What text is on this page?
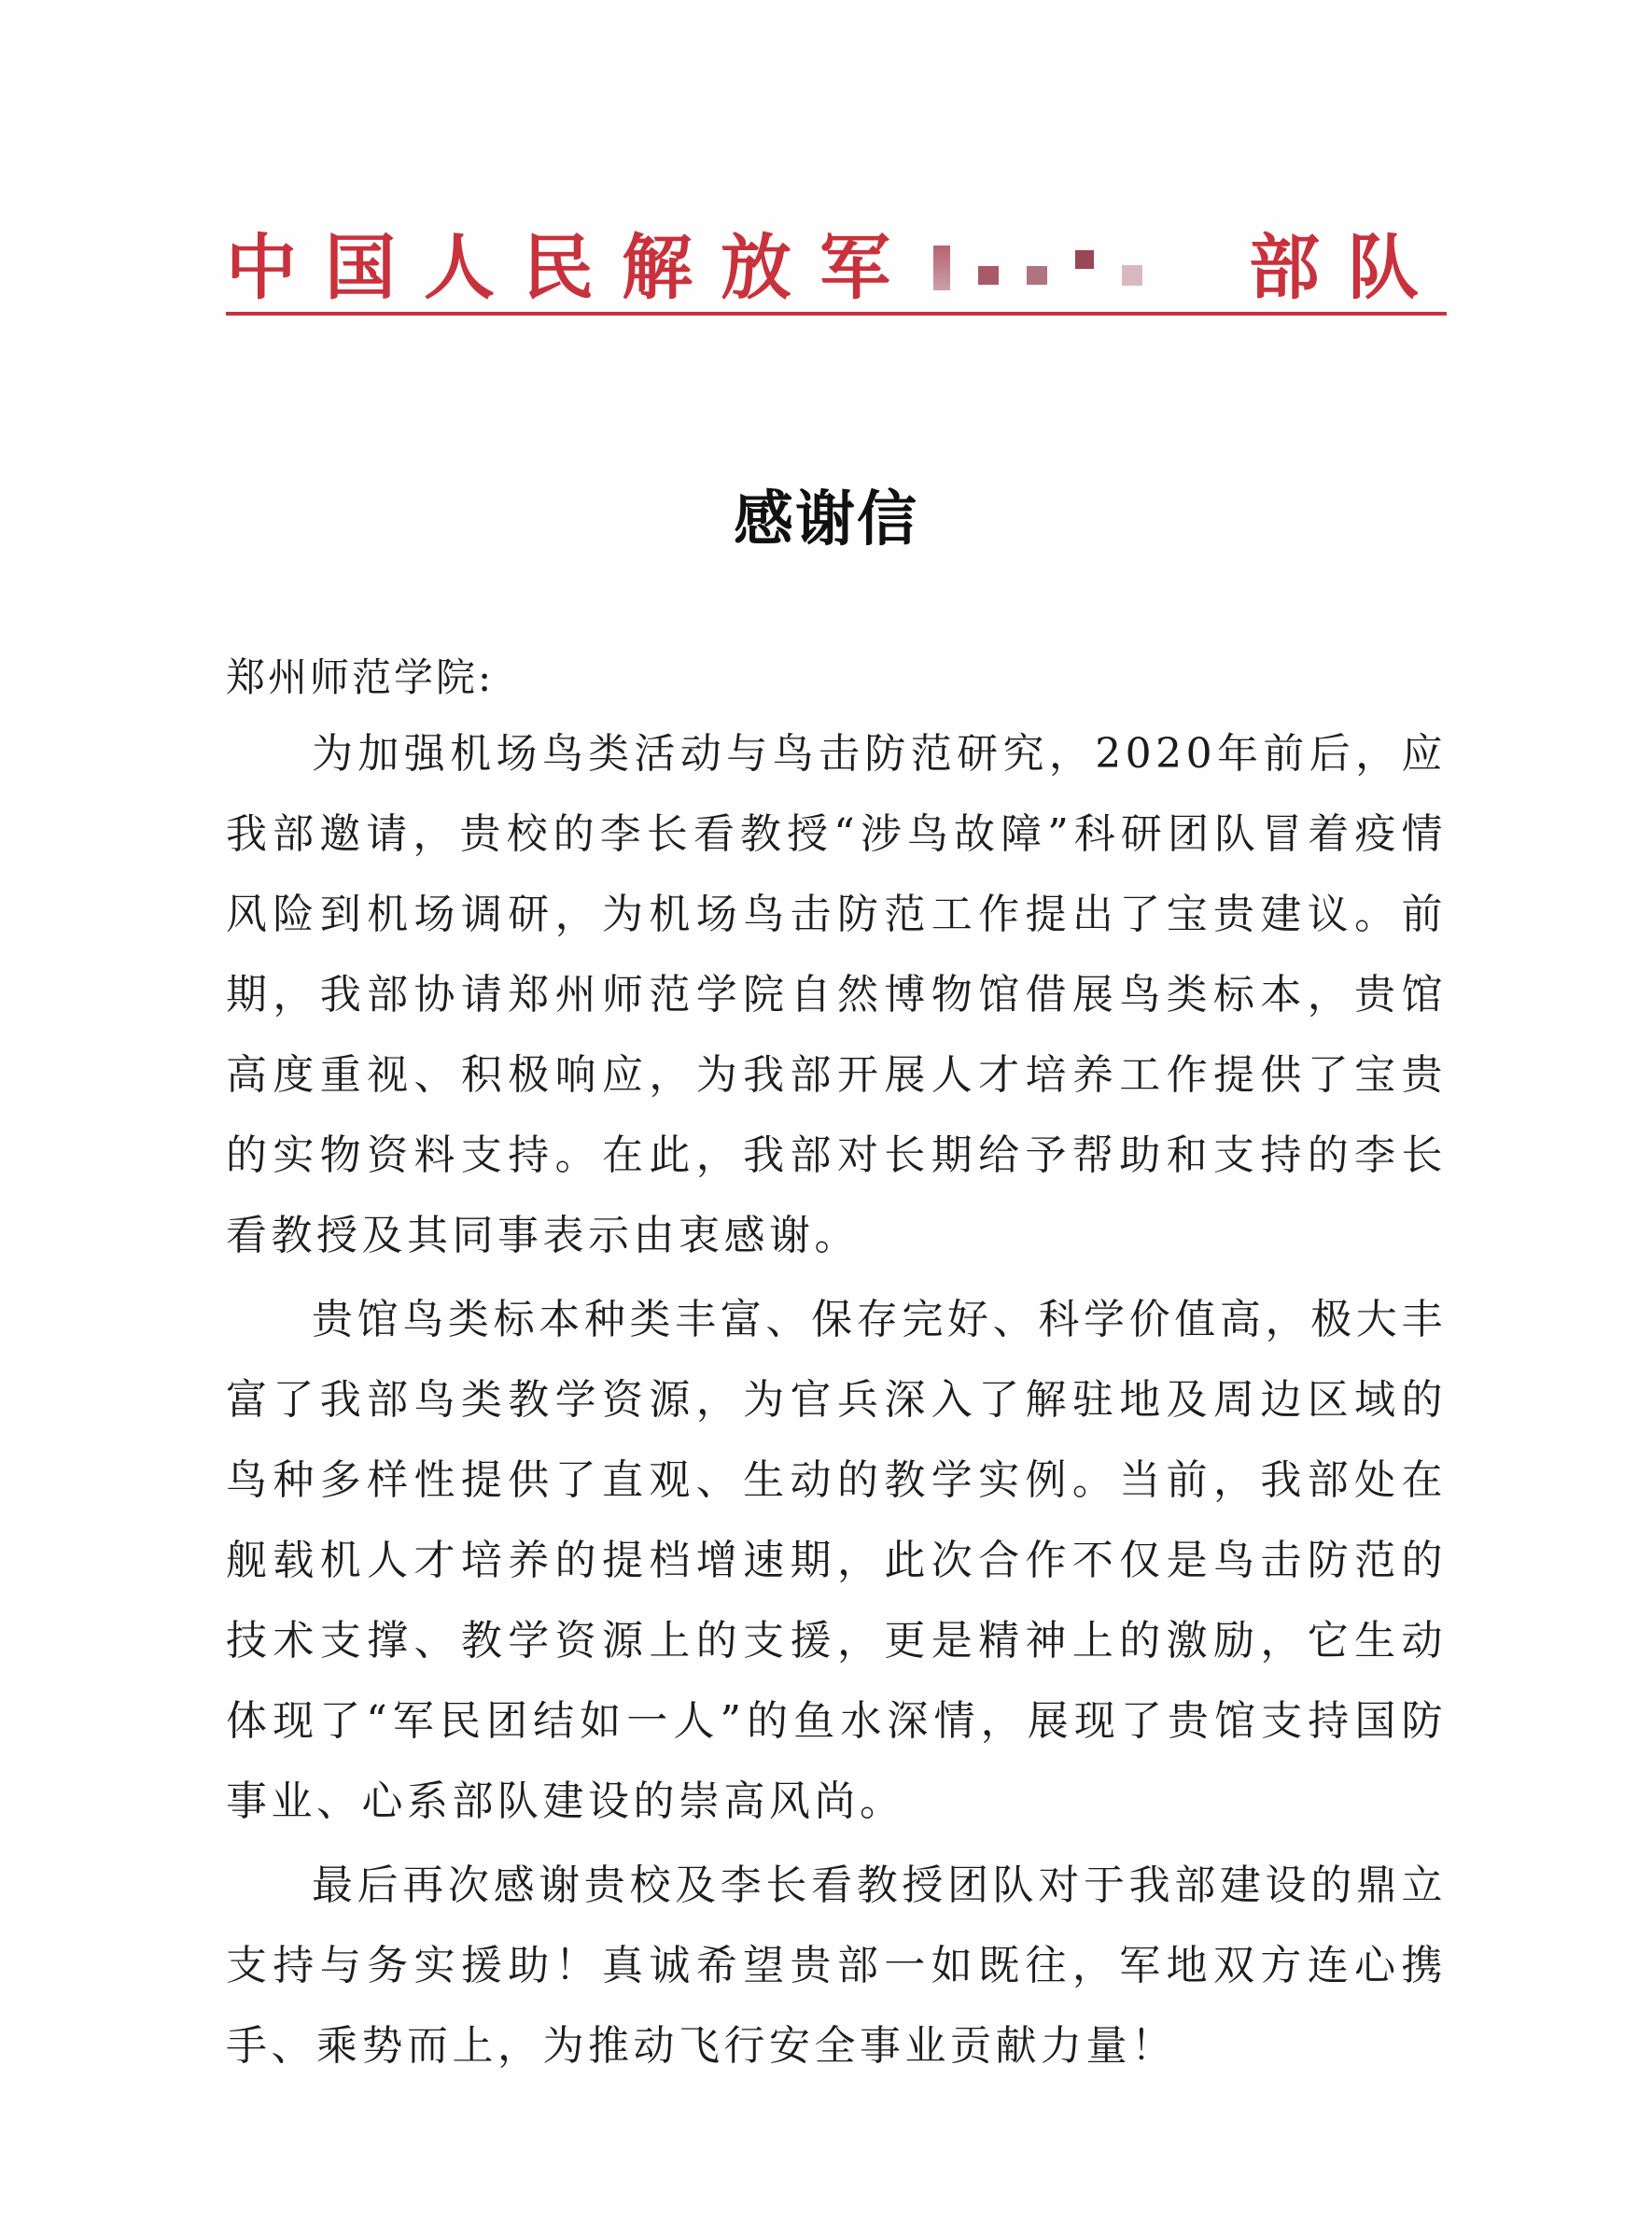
中国人民解放军	部队
感谢信
郑州师范学院:

为加强机场鸟类活动与鸟击防范研究，2020年前后，应我部邀请，贵校的李长看教授“涉鸟故障”科研团队冒着疫情风险到机场调研，为机场鸟击防范工作提出了宝贵建议。前期，我部协请郑州师范学院自然博物馆借展鸟类标本，贵馆高度重视、积极响应，为我部开展人才培养工作提供了宝贵的实物资料支持。在此，我部对长期给予帮助和支持的李长看教授及其同事表示由衷感谢。

贵馆鸟类标本种类丰富、保存完好、科学价值高，极大丰富了我部鸟类教学资源，为官兵深入了解驻地及周边区域的鸟种多样性提供了直观、生动的教学实例。当前，我部处在舰载机人才培养的提档增速期，此次合作不仅是鸟击防范的技术支撑、教学资源上的支援，更是精神上的激励，它生动体现了“军民团结如一人”的鱼水深情，展现了贵馆支持国防事业、心系部队建设的崇高风尚。

最后再次感谢贵校及李长看教授团队对于我部建设的鼎立支持与务实援助！真诚希望贵部一如既往，军地双方连心携手、乘势而上，为推动飞行安全事业贡献力量！
